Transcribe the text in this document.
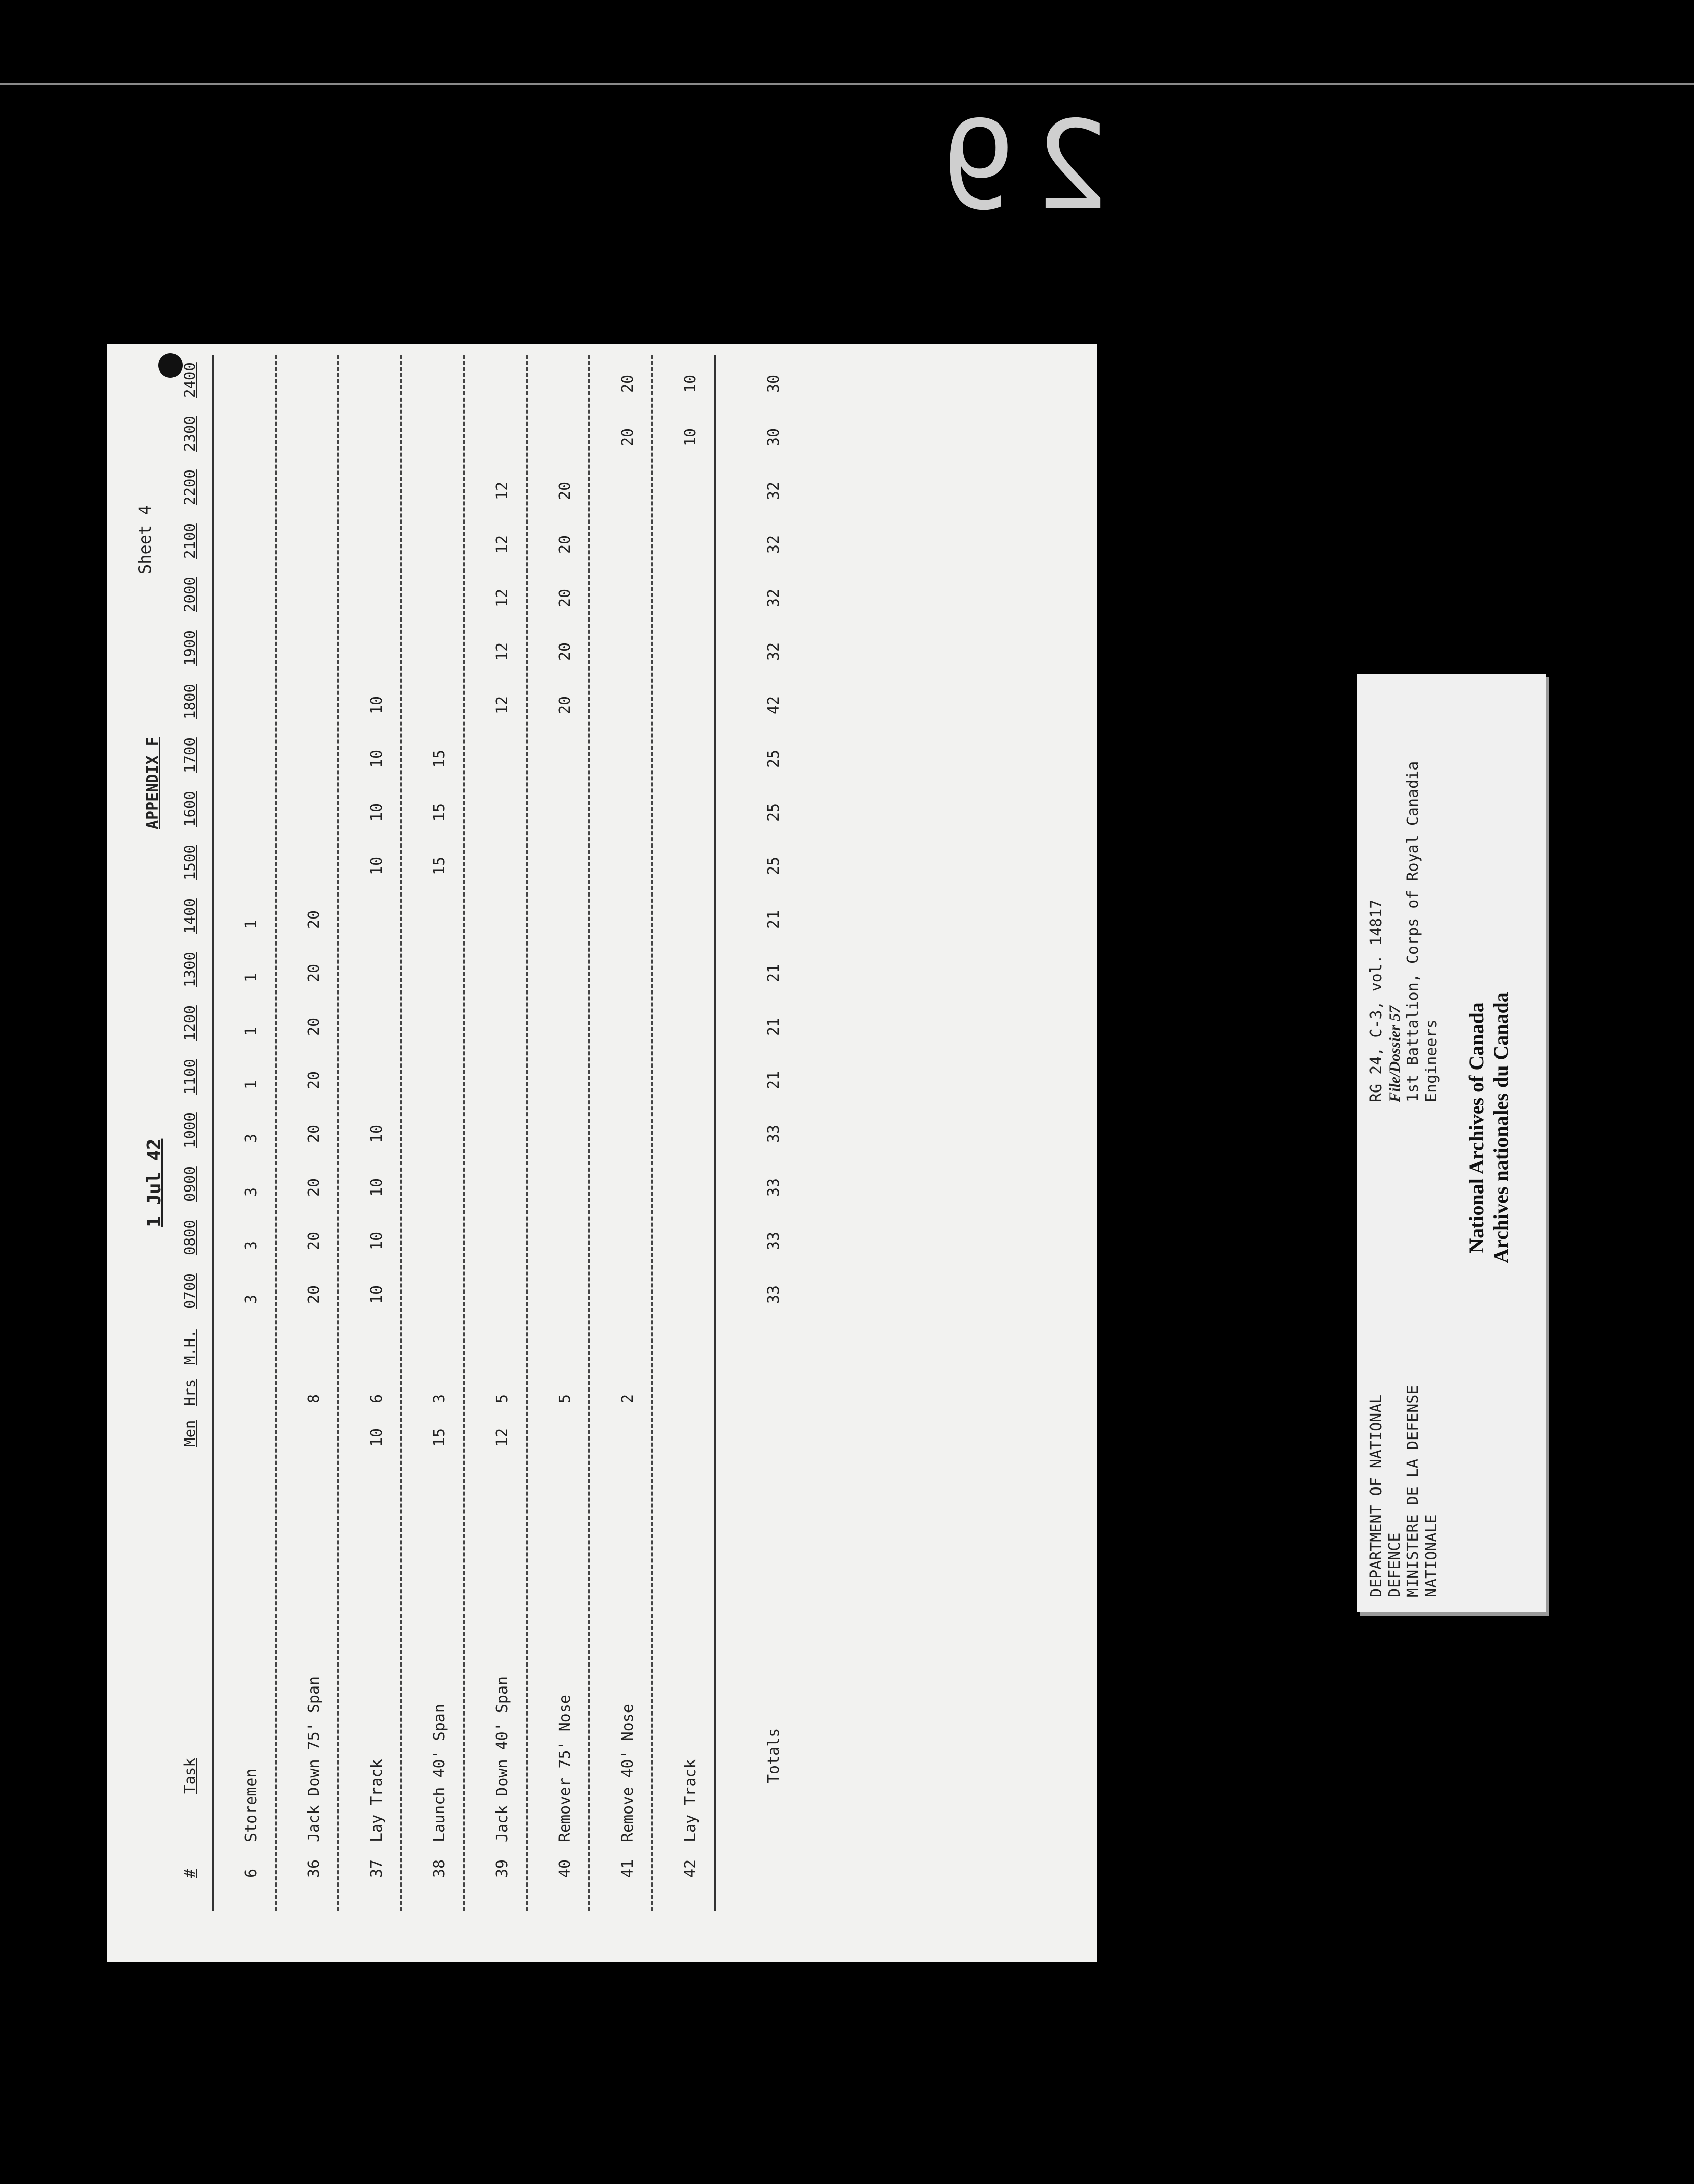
29
1 Jul 42
APPENDIX F
Sheet 4
#
Task
Men
Hrs
M.H.
0700
0800
0900
1000
1100
1200
1300
1400
1500
1600
1700
1800
1900
2000
2100
2200
2300
2400
6
Storemen
3
3
3
3
1
1
1
1
36
Jack Down 75' Span
8
20
20
20
20
20
20
20
20
37
Lay Track
10
6
10
10
10
10
10
10
10
10
38
Launch 40' Span
15
3
15
15
15
39
Jack Down 40' Span
12
5
12
12
12
12
12
40
Remover 75' Nose
5
20
20
20
20
20
41
Remove 40' Nose
2
20
20
42
Lay Track
10
10
Totals
33
33
33
33
21
21
21
21
25
25
25
42
32
32
32
32
30
30
DEPARTMENT OF NATIONAL DEFENCE MINISTERE DE LA DEFENSE NATIONALE
RG 24, C-3, vol. 14817 File/Dossier 57 1st Battalion, Corps of Royal Canadia Engineers National Archives of Canada Archives nationales du Canada
